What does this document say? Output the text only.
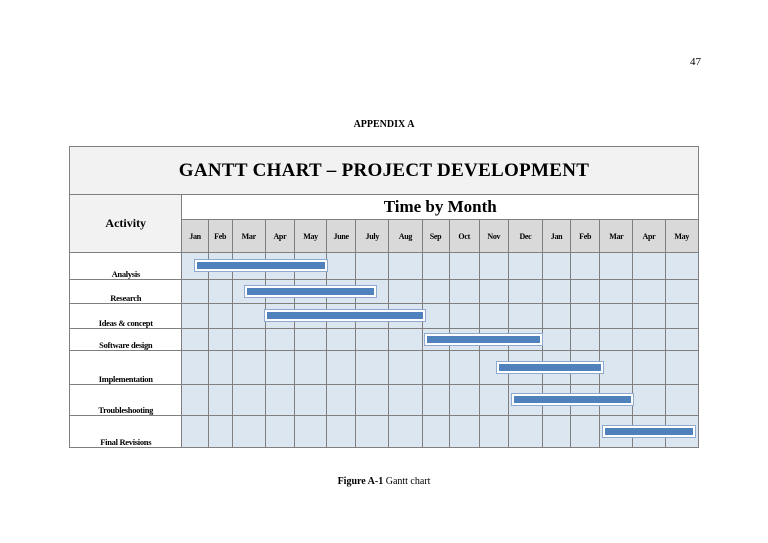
47
APPENDIX A
GANTT CHART – PROJECT DEVELOPMENT																	
Activity	Time by Month																
	Jan	Feb	Mar	Apr	May	June	July	Aug	Sep	Oct	Nov	Dec	Jan	Feb	Mar	Apr	May
Analysis																	
Research																	
Ideas & concept																	
Software design																	
Implementation																	
Troubleshooting																	
Final Revisions																	
Figure A-1 Gantt chart
